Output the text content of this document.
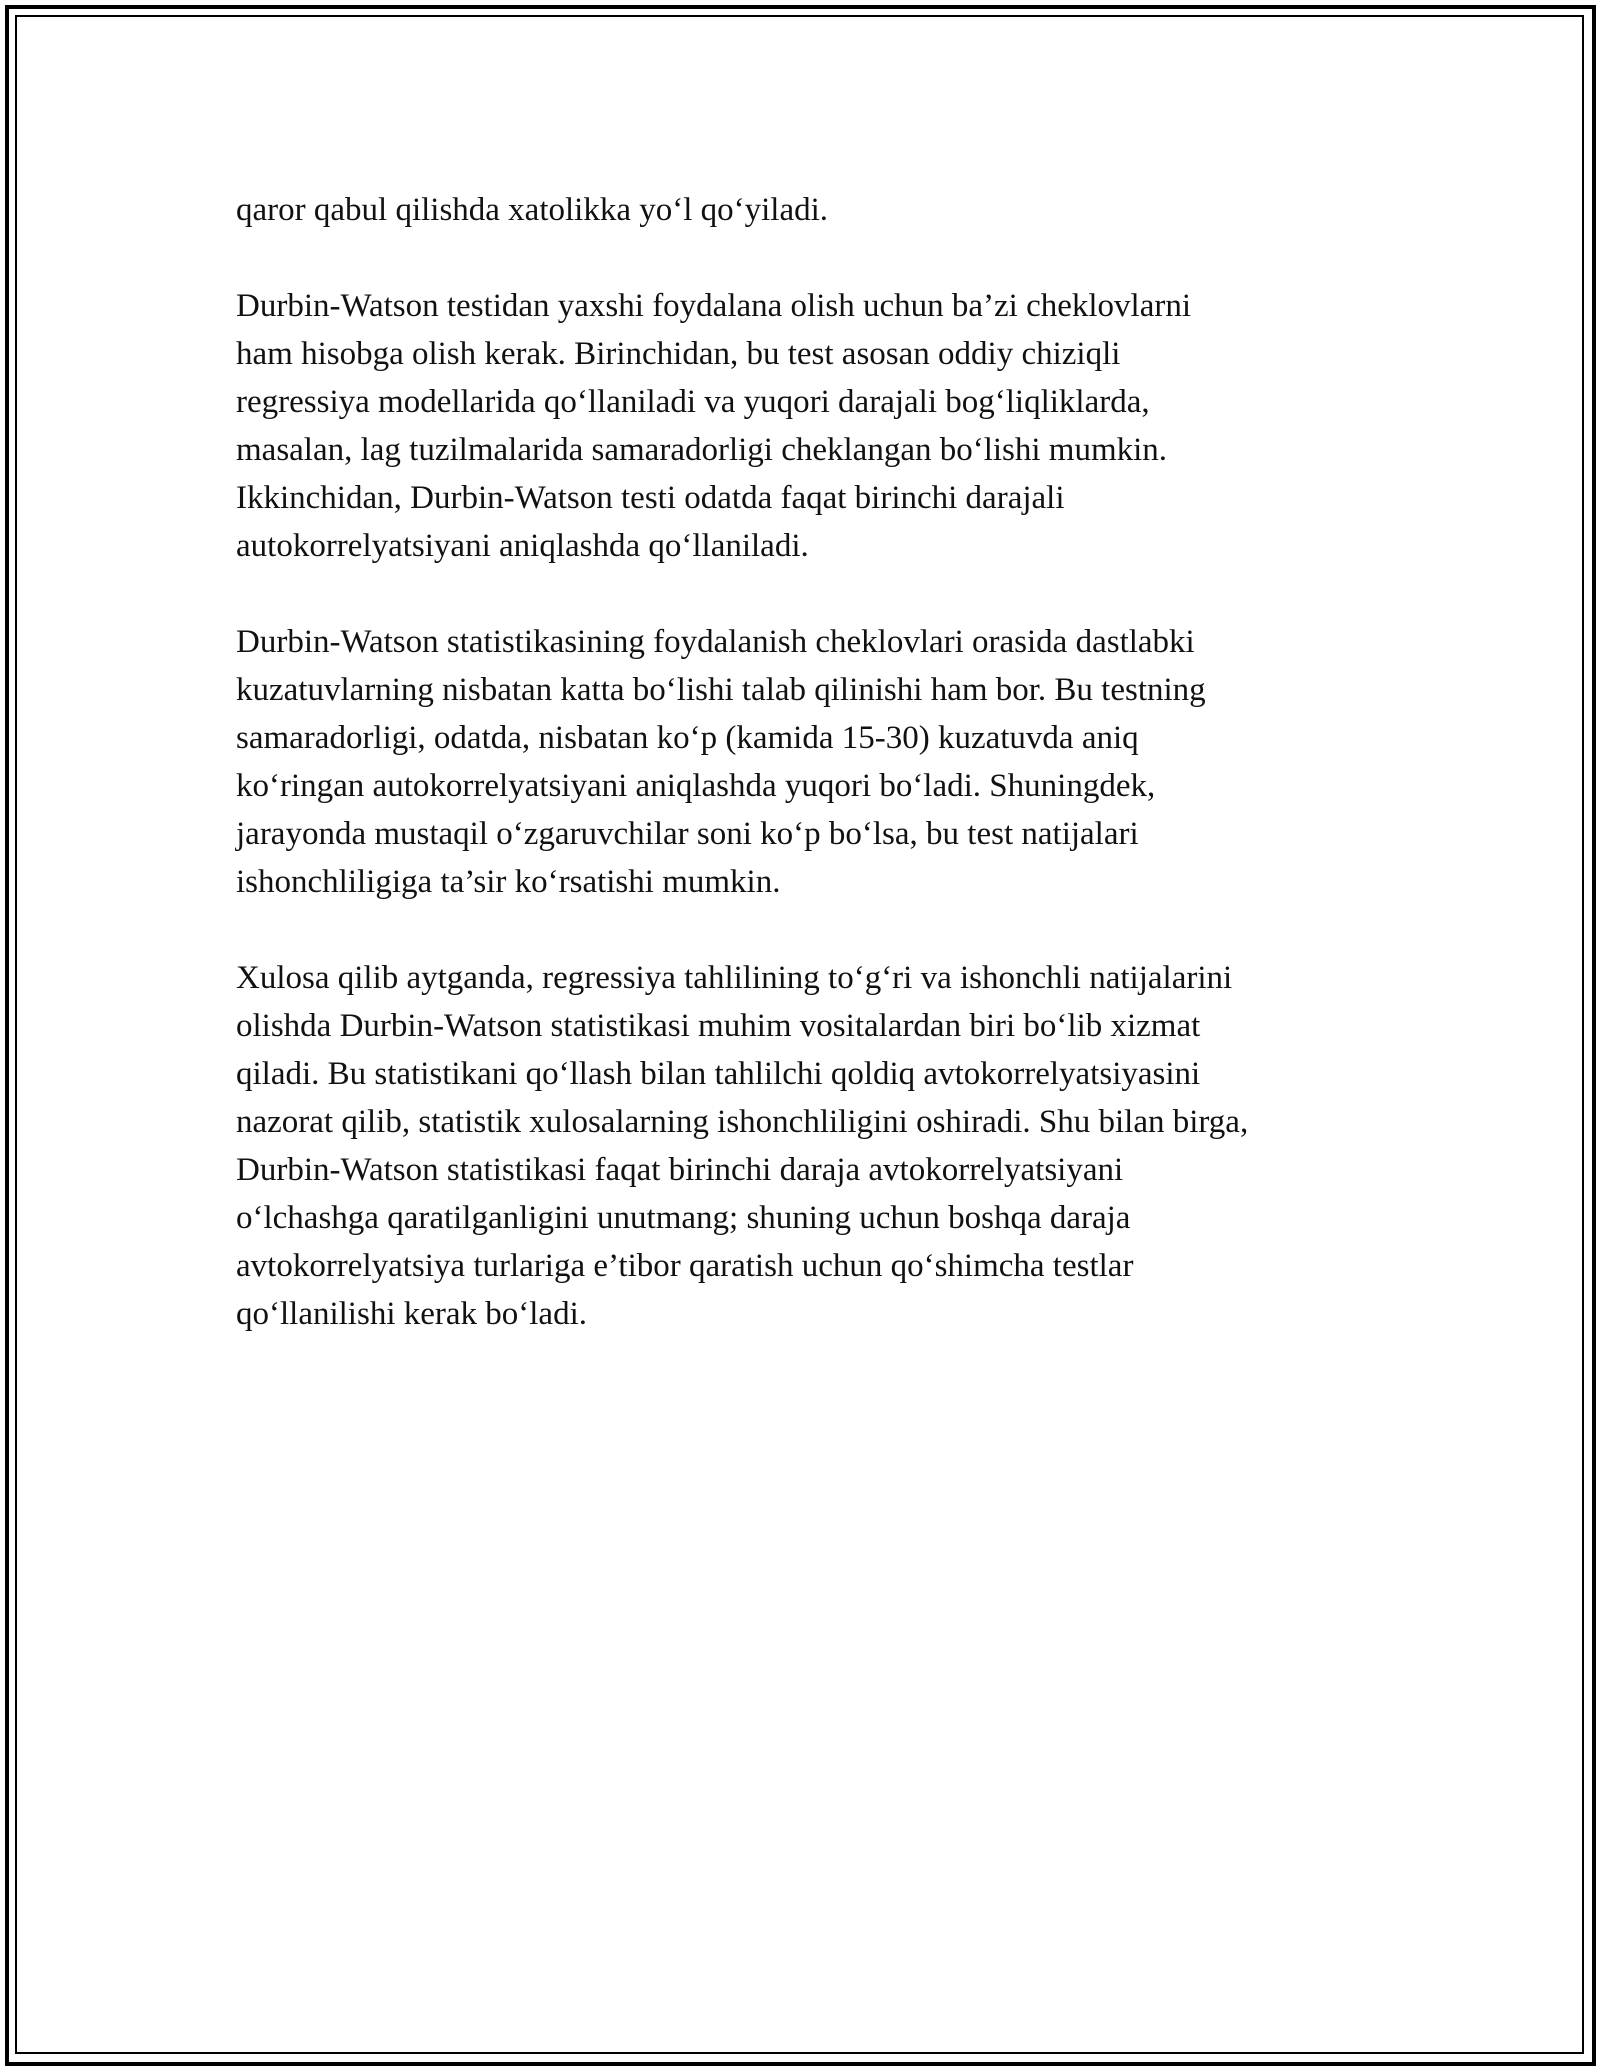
qaror qabul qilishda xatolikka yo‘l qo‘yiladi.
Durbin-Watson testidan yaxshi foydalana olish uchun ba’zi cheklovlarni
ham hisobga olish kerak. Birinchidan, bu test asosan oddiy chiziqli
regressiya modellarida qo‘llaniladi va yuqori darajali bog‘liqliklarda,
masalan, lag tuzilmalarida samaradorligi cheklangan bo‘lishi mumkin.
Ikkinchidan, Durbin-Watson testi odatda faqat birinchi darajali
autokorrelyatsiyani aniqlashda qo‘llaniladi.
Durbin-Watson statistikasining foydalanish cheklovlari orasida dastlabki
kuzatuvlarning nisbatan katta bo‘lishi talab qilinishi ham bor. Bu testning
samaradorligi, odatda, nisbatan ko‘p (kamida 15-30) kuzatuvda aniq
ko‘ringan autokorrelyatsiyani aniqlashda yuqori bo‘ladi. Shuningdek,
jarayonda mustaqil o‘zgaruvchilar soni ko‘p bo‘lsa, bu test natijalari
ishonchliligiga ta’sir ko‘rsatishi mumkin.
Xulosa qilib aytganda, regressiya tahlilining to‘g‘ri va ishonchli natijalarini
olishda Durbin-Watson statistikasi muhim vositalardan biri bo‘lib xizmat
qiladi. Bu statistikani qo‘llash bilan tahlilchi qoldiq avtokorrelyatsiyasini
nazorat qilib, statistik xulosalarning ishonchliligini oshiradi. Shu bilan birga,
Durbin-Watson statistikasi faqat birinchi daraja avtokorrelyatsiyani
o‘lchashga qaratilganligini unutmang; shuning uchun boshqa daraja
avtokorrelyatsiya turlariga e’tibor qaratish uchun qo‘shimcha testlar
qo‘llanilishi kerak bo‘ladi.
